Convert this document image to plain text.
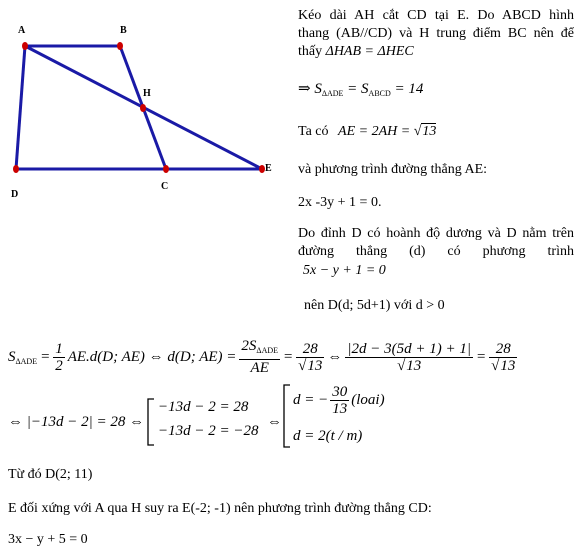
A	B
H
D
C
E
Kéo dài AH cắt CD tại E. Do ABCD hình
thang (AB//CD) và H trung điểm BC nên để
thấy ΔHAB = ΔHEC
⇒ $S_{\Delta ADE} = S_{ABCD} = 14$
Ta có AE = 2AH = √13
và phương trình đường thẳng AE:
2x -3y + 1 = 0.
Do đỉnh D có hoành độ dương và D nằm trên
đường thẳng (d) có phương trình
5x − y + 1 = 0
nên D(d; 5d+1) với d > 0
$S_{\Delta ADE} = \frac{1}{2} AE.d(D$; AE) ⇔ d(D; $AE) = \frac{2S_{\Delta ADE}}{AE} = \frac{28}{√13}$ ⇔ $\frac{|2d - 3(5d + 1) + 1|}{√13} = \frac{28}{√13}$
⇔ |−13d − 2| = 28 ⇔
−13d − 2 = 28
−13d − 2 = −28
⇔
d = − $\frac{30}{13}$ (loai)
d = 2(t / m)
Từ đó D(2; 11)
E đối xứng với A qua H suy ra E(-2; -1) nên phương trình đường thẳng CD:
3x − y + 5 = 0
